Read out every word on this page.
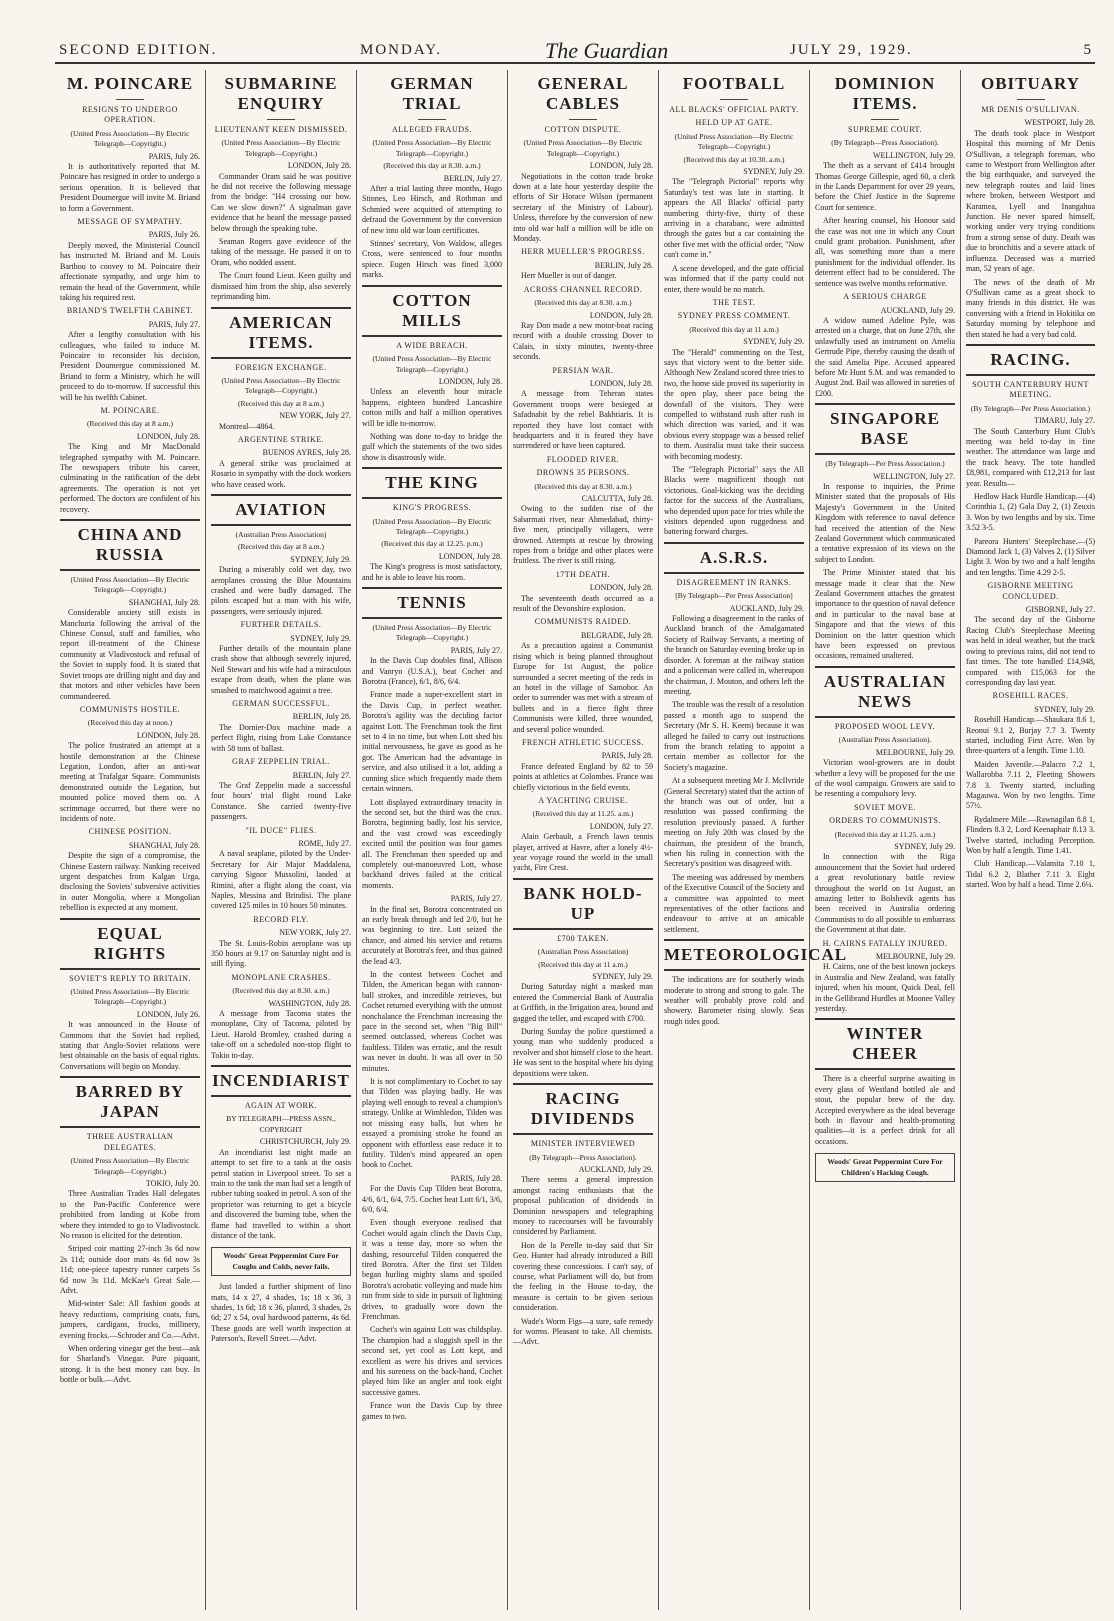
SECOND EDITION.	MONDAY.	The Guardian	JULY 29, 1929.	5
M. POINCARE
RESIGNS TO UNDERGO OPERATION.
(United Press Association—By Electric Telegraph—Copyright.)
PARIS, July 26.

It is authoritatively reported that M. Poincare has resigned in order to undergo a serious operation. It is believed that President Doumergue will invite M. Briand to form a Government.

MESSAGE OF SYMPATHY.
PARIS, July 26.

Deeply moved, the Ministerial Council has instructed M. Briand and M. Louis Barthou to convey to M. Poincaire their affectionate sympathy, and urge him to remain the head of the Government, while taking his required rest.

BRIAND'S TWELFTH CABINET.
PARIS, July 27.

After a lengthy consultation with his colleagues, who failed to induce M. Poincaire to reconsider his decision, President Doumergue commissioned M. Briand to form a Ministry, which he will proceed to do to-morrow. If successful this will be his twelfth Cabinet.

M. POINCARE.
(Received this day at 8 a.m.)
LONDON, July 28.

The King and Mr MacDonald telegraphed sympathy with M. Poincare. The newspapers tribute his career, culminating in the ratification of the debt agreements. The operation is not yet performed. The doctors are confident of his recovery.

CHINA AND RUSSIA
(United Press Association—By Electric Telegraph—Copyright.)
SHANGHAI, July 28.

Considerable anxiety still exists in Manchuria following the arrival of the Chinese Consul, staff and families, who report ill-treatment of the Chinese community at Vladivostock and refusal of the Soviet to supply food. It is stated that Soviet troops are drilling night and day and that motors and other vehicles have been commandeered.

COMMUNISTS HOSTILE.
(Received this day at noon.)
LONDON, July 28.

The police frustrated an attempt at a hostile demonstration at the Chinese Legation, London, after an anti-war meeting at Trafalgar Square. Communists demonstrated outside the Legation, but mounted police moved them on. A scrimmage occurred, but there were no incidents of note.

CHINESE POSITION.
SHANGHAI, July 28.

Despite the sign of a compromise, the Chinese Eastern railway. Nanking received urgent despatches from Kalgan Urga, disclosing the Soviets' subversive activities in outer Mongolia, where a Mongolian rebellion is expected at any moment.

EQUAL RIGHTS
SOVIET'S REPLY TO BRITAIN.
(United Press Association—By Electric Telegraph—Copyright.)
LONDON, July 26.

It was announced in the House of Commons that the Soviet had replied, stating that Anglo-Soviet relations were best obtainable on the basis of equal rights. Conversations will begin on Monday.

BARRED BY JAPAN
THREE AUSTRALIAN DELEGATES.
(United Press Association—By Electric Telegraph—Copyright.)
TOKIO, July 20.

Three Australian Trades Hall delegates to the Pan-Pacific Conference were prohibited from landing at Kobe from where they intended to go to Vladivostock. No reason is elicited for the detention.

Striped coir matting 27-inch 3s 6d now 2s 11d; outside door mats 4s 6d now 3s 11d; one-piece tapestry runner carpets 5s 6d now 3s 11d. McKae's Great Sale.—Advt.

Mid-winter Sale: All fashion goods at heavy reductions, comprising coats, furs, jumpers, cardigans, frocks, millinery, evening frocks.—Schroder and Co.—Advt.

When ordering vinegar get the best—ask for Sharland's Vinegar. Pure piquant, strong. It is the best money can buy. In bottle or bulk.—Advt.

SUBMARINE ENQUIRY
LIEUTENANT KEEN DISMISSED.
(United Press Association—By Electric Telegraph—Copyright.)
LONDON, July 28.

Commander Oram said he was positive he did not receive the following message from the bridge: "H4 crossing our bow. Can we slow down?" A signalman gave evidence that he heard the message passed below through the speaking tube.

Seaman Rogers gave evidence of the taking of the message. He passed it on to Oram, who nodded assent.

The Court found Lieut. Keen guilty and dismissed him from the ship, also severely reprimanding him.

AMERICAN ITEMS.
FOREIGN EXCHANGE.
(United Press Association—By Electric Telegraph—Copyright.)
(Received this day at 8 a.m.)
NEW YORK, July 27.

Montreal—4864.

ARGENTINE STRIKE.
BUENOS AYRES, July 28.

A general strike was proclaimed at Rosario in sympathy with the dock workers who have ceased work.

AVIATION
(Australian Press Association)
(Received this day at 8 a.m.)
SYDNEY, July 29.

During a miserably cold wet day, two aeroplanes crossing the Blue Mountains crashed and were badly damaged. The pilots escaped but a man with his wife, passengers, were seriously injured.

FURTHER DETAILS.
SYDNEY, July 29.

Further details of the mountain plane crash show that although severely injured, Neil Stewart and his wife had a miraculous escape from death, when the plane was smashed to matchwood against a tree.

GERMAN SUCCESSFUL.
BERLIN, July 28.

The Dornier-Dox machine made a perfect flight, rising from Lake Constance with 58 tons of ballast.

GRAF ZEPPELIN TRIAL.
BERLIN, July 27.

The Graf Zeppelin made a successful four hours' trial flight round Lake Constance. She carried twenty-five passengers.

"IL DUCE" FLIES.
ROME, July 27.

A naval seaplane, piloted by the Under-Secretary for Air Major Maddalena, carrying Signor Mussolini, landed at Rimini, after a flight along the coast, via Naples, Messina and Brindisi. The plane covered 125 miles in 10 hours 50 minutes.

RECORD FLY.
NEW YORK, July 27.

The St. Louis-Robin aeroplane was up 350 hours at 9.17 on Saturday night and is still flying.

MONOPLANE CRASHES.
(Received this day at 8.30. a.m.)
WASHINGTON, July 28.

A message from Tacoma states the monoplane, City of Tacoma, piloted by Lieut. Harold Bromley, crashed during a take-off on a scheduled non-stop flight to Tokio to-day.

INCENDIARIST
AGAIN AT WORK.
BY TELEGRAPH—PRESS ASSN., COPYRIGHT
CHRISTCHURCH, July 29.

An incendiarist last night made an attempt to set fire to a tank at the oasis petrol station in Liverpool street. To set a train to the tank the man had set a length of rubber tubing soaked in petrol. A son of the proprietor was returning to get a bicycle and discovered the burning tube, when the flame had travelled to within a short distance of the tank.

Woods' Great Peppermint Cure For Coughs and Colds, never fails.

Just landed a further shipment of lino mats, 14 x 27, 4 shades, 1s; 18 x 36, 3 shades, 1s 6d; 18 x 36, planed, 3 shades, 2s 6d; 27 x 54, oval hardwood patterns, 4s 6d. These goods are well worth inspection at Paterson's, Revell Street.—Advt.

GERMAN TRIAL
ALLEGED FRAUDS.
(United Press Association—By Electric Telegraph—Copyright.)
(Received this day at 8.30. a.m.)
BERLIN, July 27.

After a trial lasting three months, Hugo Stinnes, Leo Hirsch, and Rothman and Schmied were acquitted of attempting to defraud the Government by the conversion of new into old war loan certificates.

Stinnes' secretary, Von Waldow, alleges Cross, were sentenced to four months spiece. Eugen Hirsch was fined 3,000 marks.

COTTON MILLS
A WIDE BREACH.
(United Press Association—By Electric Telegraph—Copyright.)
LONDON, July 28.

Unless an eleventh hour miracle happens, eighteen hundred Lancashire cotton mills and half a million operatives will be idle to-morrow.

Nothing was done to-day to bridge the gulf which the statements of the two sides show is disastrously wide.

THE KING
KING'S PROGRESS.
(United Press Association—By Electric Telegraph—Copyright.)
(Received this day at 12.25. p.m.)
LONDON, July 28.

The King's progress is most satisfactory, and he is able to leave his room.

TENNIS
(United Press Association—By Electric Telegraph—Copyright.)
PARIS, July 27.

In the Davis Cup doubles final, Allison and Vanryn (U.S.A.), beat Cochet and Borotra (France), 6/1, 8/6, 6/4.

France made a super-excellent start in the Davis Cup, in perfect weather. Borotra's agility was the deciding factor against Lott. The Frenchman took the first set to 4 in no time, but when Lott shed his initial nervousness, he gave as good as he got. The American had the advantage in service, and also utilised it a lot, adding a cunning slice which frequently made them certain winners.

Lott displayed extraordinary tenacity in the second set, but the third was the crux. Borotra, beginning badly, lost his service, and the vast crowd was exceedingly excited until the position was four games all. The Frenchman then speeded up and completely out-manoeuvred Lott, whose backhand drives failed at the critical moments.

PARIS, July 27.

In the final set, Borotra concentrated on an early break through and led 2/0, but he was beginning to tire. Lott seized the chance, and aimed his service and returns accurately at Borotra's feet, and thus gained the lead 4/3.

In the contest between Cochet and Tilden, the American began with cannon-ball strokes, and incredible retrieves, but Cochet returned everything with the utmost nonchalance the Frenchman increasing the pace in the second set, when "Big Bill" seemed outclassed, whereas Cochet was faultless. Tilden was erratic, and the result was never in doubt. It was all over in 50 minutes.

It is not complimentary to Cochet to say that Tilden was playing badly. He was playing well enough to reveal a champion's strategy. Unlike at Wimbledon, Tilden was not missing easy balls, but when he essayed a promising stroke he found an opponent with effortless ease reduce it to futility. Tilden's mind appeared an open book to Cochet.

PARIS, July 28.

For the Davis Cup Tilden beat Borotra, 4/6, 6/1, 6/4, 7/5. Cochet beat Lott 6/1, 3/6, 6/0, 6/4.

Even though everyone realised that Cochet would again clinch the Davis Cup, it was a tense day, more so when the dashing, resourceful Tilden conquered the tired Borotra. After the first set Tilden began hurling mighty slams and spoiled Borotra's acrobatic volleying and made him run from side to side in pursuit of lightning drives, to gradually wore down the Frenchman.

Cochet's win against Lott was childsplay. The champion had a sluggish spell in the second set, yet cool as Lott kept, and excellent as were his drives and services and his sureness on the back-hand, Cochet played him like an angler and took eight successive games.

France won the Davis Cup by three games to two.

GENERAL CABLES
COTTON DISPUTE.
(United Press Association—By Electric Telegraph—Copyright.)
LONDON, July 28.

Negotiations in the cotton trade broke down at a late hour yesterday despite the efforts of Sir Horace Wilson (permanent secretary of the Ministry of Labour). Unless, therefore by the conversion of new into old war half a million will be idle on Monday.

HERR MUELLER'S PROGRESS.
BERLIN, July 28.

Herr Mueller is out of danger.

ACROSS CHANNEL RECORD.
(Received this day at 8.30. a.m.)
LONDON, July 28.

Ray Don made a new motor-boat racing record with a double crossing Dover to Calais, in sixty minutes, twenty-three seconds.

PERSIAN WAR.
LONDON, July 28.

A message from Teheran states Government troops were besieged at Safadnabit by the rebel Bakhtiaris. It is reported they have lost contact with headquarters and it is feared they have surrendered or have been captured.

FLOODED RIVER.
DROWNS 35 PERSONS.
(Received this day at 8.30. a.m.)
CALCUTTA, July 28.

Owing to the sudden rise of the Sabarmati river, near Ahmedabad, thirty-five men, principally villagers, were drowned. Attempts at rescue by throwing ropes from a bridge and other places were fruitless. The river is still rising.

17TH DEATH.
LONDON, July 28.

The seventeenth death occurred as a result of the Devonshire explosion.

COMMUNISTS RAIDED.
BELGRADE, July 28.

As a precaution against a Communist rising which is being planned throughout Europe for 1st August, the police surrounded a secret meeting of the reds in an hotel in the village of Samobor. An order to surrender was met with a stream of bullets and in a fierce fight three Communists were killed, three wounded, and several police wounded.

FRENCH ATHLETIC SUCCESS.
PARIS, July 28.

France defeated England by 82 to 59 points at athletics at Colombes. France was chiefly victorious in the field events.

A YACHTING CRUISE.
(Received this day at 11.25. a.m.)
LONDON, July 27.

Alain Gerbault, a French lawn tennis player, arrived at Havre, after a lonely 4½-year voyage round the world in the small yacht, Fire Crest.

BANK HOLD-UP
£700 TAKEN.
(Australian Press Association)
(Received this day at 11 a.m.)
SYDNEY, July 29.

During Saturday night a masked man entered the Commercial Bank of Australia at Griffith, in the Irrigation area, bound and gagged the teller, and escaped with £700.

During Sunday the police questioned a young man who suddenly produced a revolver and shot himself close to the heart. He was sent to the hospital where his dying depositions were taken.

RACING DIVIDENDS
MINISTER INTERVIEWED
(By Telegraph—Press Association).
AUCKLAND, July 29.

There seems a general impression amongst racing enthusiasts that the proposal publication of dividends in Dominion newspapers and telegraphing money to racecourses will be favourably considered by Parliament.

Hon de la Perelle to-day said that Sir Geo. Hunter had already introduced a Bill covering these concessions. I can't say, of course, what Parliament will do, but from the feeling in the House to-day, the measure is certain to be given serious consideration.

Wade's Worm Figs—a sure, safe remedy for worms. Pleasant to take. All chemists.—Advt.

FOOTBALL
ALL BLACKS' OFFICIAL PARTY.
HELD UP AT GATE.
(United Press Association—By Electric Telegraph—Copyright.)
(Received this day at 10.30. a.m.)
SYDNEY, July 29.

The "Telegraph Pictorial" reports why Saturday's test was late in starting. It appears the All Blacks' official party numbering thirty-five, thirty of these arriving in a charabanc, were admitted through the gates but a car containing the other five met with the official order, "Now can't come in."

A scene developed, and the gate official was informed that if the party could not enter, there would be no match.

THE TEST.
SYDNEY PRESS COMMENT.
(Received this day at 11 a.m.)
SYDNEY, July 29.

The "Herald" commenting on the Test, says that victory went to the better side. Although New Zealand scored three tries to two, the home side proved its superiority in the open play, sheer pace being the downfall of the visitors. They were compelled to withstand rush after rush in which direction was varied, and it was obvious every stoppage was a bessed relief to them. Australia must take their success with becoming modesty.

The "Telegraph Pictorial" says the All Blacks were magnificent though not victorious. Goal-kicking was the deciding factor for the success of the Australians, who depended upon pace for tries while the visitors depended upon ruggedness and battering forward charges.

A.S.R.S.
DISAGREEMENT IN RANKS.
[By Telegraph—Per Press Association]
AUCKLAND, July 29.

Following a disagreement in the ranks of Auckland branch of the Amalgamated Society of Railway Servants, a meeting of the branch on Saturday evening broke up in disorder. A foreman at the railway station and a policeman were called in, whereupon the chairman, J. Mouton, and others left the meeting.

The trouble was the result of a resolution passed a month ago to suspend the Secretary (Mr S. H. Keem) because it was alleged he failed to carry out instructions from the branch relating to appoint a certain member as collector for the Society's magazine.

At a subsequent meeting Mr J. McIlvride (General Secretary) stated that the action of the branch was out of order, but a resolution was passed confirming the resolution previously passed. A further meeting on July 20th was closed by the chairman, the president of the branch, when his ruling in connection with the Secretary's position was disagreed with.

The meeting was addressed by members of the Executive Council of the Society and a committee was appointed to meet representatives of the other factions and endeavour to arrive at an amicable settlement.

METEOROLOGICAL

The indications are for southerly winds moderate to strong and strong to gale. The weather will probably prove cold and showery. Barometer rising slowly. Seas rough tides good.

DOMINION ITEMS.
SUPREME COURT.
(By Telegraph—Press Association).
WELLINGTON, July 29.

The theft as a servant of £414 brought Thomas George Gillespie, aged 60, a clerk in the Lands Department for over 29 years, before the Chief Justice in the Supreme Court for sentence.

After hearing counsel, his Honour said the case was not one in which any Court could grant probation. Punishment, after all, was something more than a mere punishment for the individual offender. Its deterrent effect had to be considered. The sentence was twelve months reformative.

A SERIOUS CHARGE
AUCKLAND, July 29.

A widow named Adeline Pyle, was arrested on a charge, that on June 27th, she unlawfully used an instrument on Amelia Gertrude Pipe, thereby causing the death of the said Amelia Pipe. Accused appeared before Mr Hunt S.M. and was remanded to August 2nd. Bail was allowed in sureties of £200.

SINGAPORE BASE
(By Telegraph—Per Press Association.)
WELLINGTON, July 27.

In response to inquiries, the Prime Minister stated that the proposals of His Majesty's Government in the United Kingdom with reference to naval defence had received the attention of the New Zealand Government which communicated a tentative expression of its views on the subject to London.

The Prime Minister stated that his message made it clear that the New Zealand Government attaches the greatest importance to the question of naval defence and in particular to the naval base at Singapore and that the views of this Dominion on the latter question which have been expressed on previous occasions, remained unaltered.

AUSTRALIAN NEWS
PROPOSED WOOL LEVY.
(Australian Press Association).
MELBOURNE, July 29.

Victorian wool-growers are in doubt whether a levy will be proposed for the use of the wool campaign. Growers are said to be resenting a compulsory levy.

SOVIET MOVE.
ORDERS TO COMMUNISTS.
(Received this day at 11.25. a.m.)
SYDNEY, July 29.

In connection with the Riga announcement that the Soviet had ordered a great revolutionary battle review throughout the world on 1st August, an amazing letter to Bolshevik agents has been received in Australia ordering Communists to do all possible to embarrass the Government at that date.

H. CAIRNS FATALLY INJURED.
MELBOURNE, July 29.

H. Cairns, one of the best known jockeys in Australia and New Zealand, was fatally injured, when his mount, Quick Deal, fell in the Gellibrand Hurdles at Moonee Valley yesterday.

WINTER CHEER

There is a cheerful surprise awaiting in every glass of Westland bottled ale and stout, the popular brew of the day. Accepted everywhere as the ideal beverage both in flavour and health-promoting qualities—it is a perfect drink for all occasions.

Woods' Great Peppermint Cure For Children's Hacking Cough.
OBITUARY
MR DENIS O'SULLIVAN.
WESTPORT, July 28.

The death took place in Westport Hospital this morning of Mr Denis O'Sullivan, a telegraph foreman, who came to Westport from Wellington after the big earthquake, and surveyed the new telegraph routes and laid lines where broken, between Westport and Karamea, Lyell and Inangahua Junction. He never spared himself, working under very trying conditions from a strong sense of duty. Death was due to bronchitis and a severe attack of influenza. Deceased was a married man, 52 years of age.

The news of the death of Mr O'Sullivan came as a great shock to many friends in this district. He was conversing with a friend in Hokitika on Saturday morning by telephone and then stated he had a very bad cold.

RACING.
SOUTH CANTERBURY HUNT MEETING.
(By Telegraph—Per Press Association.)
TIMARU, July 27.

The South Canterbury Hunt Club's meeting was held to-day in fine weather. The attendance was large and the track heavy. The tote handled £8,981, compared with £12,213 for last year. Results—

Hedlow Hack Hurdle Handicap.—(4) Corinthia 1, (2) Gala Day 2, (1) Zeuxis 3. Won by two lengths and by six. Time 3.52 3-5.

Pareora Hunters' Steeplechase.—(5) Diamond Jack 1, (3) Valves 2, (1) Silver Light 3. Won by two and a half lengths and ten lengths. Time 4.29 2-5.

GISBORNE MEETING CONCLUDED.
GISBORNE, July 27.

The second day of the Gisborne Racing Club's Steeplechase Meeting was held in ideal weather, but the track owing to previous rains, did not tend to fast times. The tote handled £14,948, compared with £15,063 for the corresponding day last year.

ROSEHILL RACES.
SYDNEY, July 29.

Rosehill Handicap.—Shaukara 8.6 1, Reonui 9.1 2, Burjay 7.7 3. Twenty started, including First Acre. Won by three-quarters of a length. Time 1.10.

Maiden Juvenile.—Palacro 7.2 1, Wallarobba 7.11 2, Fleeting Showers 7.8 3. Twenty started, including Magauwa. Won by two lengths. Time 57½.

Rydalmere Mile.—Rawnagilan 8.8 1, Flinders 8.3 2, Lord Keenaphair 8.13 3. Twelve started, including Perception. Won by half a length. Time 1.41.

Club Handicap.—Valamita 7.10 1, Tidal 6.2 2, Blather 7.11 3. Eight started. Won by half a head. Time 2.6¼.
